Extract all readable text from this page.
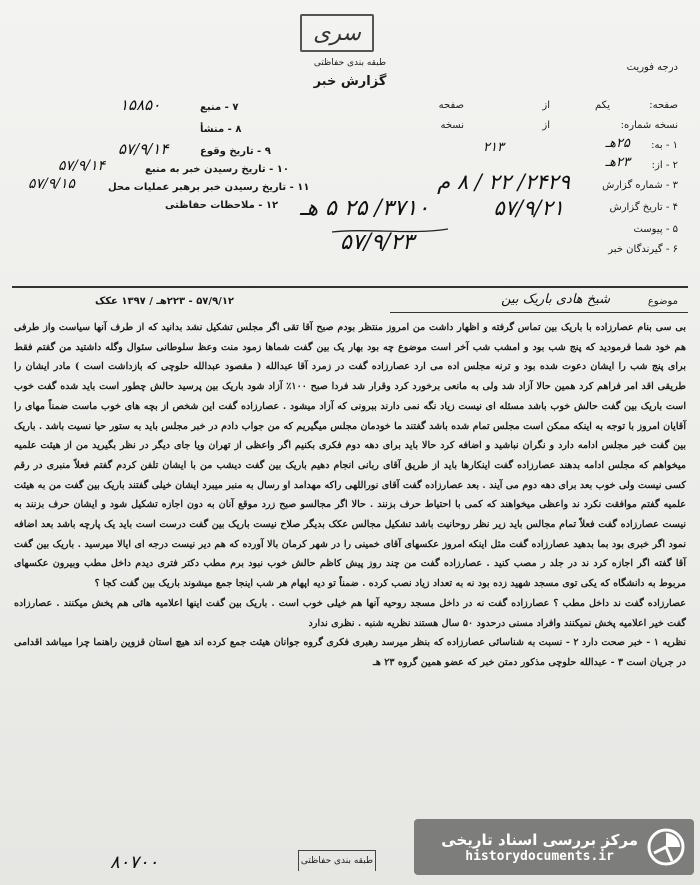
سری
طبقه بندی حفاظتی
گزارش خبر
درجه فوریت
صفحه:
یکم
از
صفحه
نسخه شماره:
از
نسخه
۱ - به:
۲۵هـ
۲۱۳
۲ - از:
۲۳هـ
۳ - شماره گزارش
۲۴۲۹/ ۲۲ / ۸ م
۴ - تاریخ گزارش
۵۷/۹/۲۱
۵ - پیوست
۶ - گیرندگان خبر
۷ - منبع
۱۵۸۵۰
۸ - منشأ
۹ - تاریخ وقوع
۵۷/۹/۱۴
۱۰ - تاریخ رسیدن خبر به منبع
۵۷/۹/۱۴
۱۱ - تاریخ رسیدن خبر برهبر عملیات محل
۵۷/۹/۱۵
۱۲ - ملاحظات حفاظتی ۳۷۱۰/ ۲۵ ۵ هـ
۵۷/۹/۲۳
موضوع
شیخ هادی باریک بین
۵۷/۹/۱۲ - ۲۲۳هـ / ۱۳۹۷ عکک

بی سی بنام عصارزاده با باریک بین تماس گرفته و اظهار داشت من امروز منتظر بودم صبح آقا تقی اگر مجلس تشکیل نشد بدانید که از طرف آنها سیاست واز طرفی هم خود شما فرمودید که پنج شب بود و امشب شب آخر است موضوع چه بود بهار یک بین گفت شماها زمود منت وعظ سلوطانی سئوال وگله داشتید من گفتم فقط برای پنج شب را ایشان دعوت شده بود و ترنه مجلس اده می ارد عصارزاده گفت در زمرد آقا عبدالله ( مقصود عبدالله حلوچی که بازداشت است ) مادر ایشان را طریقی اقد امر فراهم کرد همین حالا آزاد شد ولی به مانعی برخورد کرد وقرار شد فردا صبح ۱۰۰٪ آزاد شود باریک بین پرسید حالش چطور است باید شده گفت خوب است باریک بین گفت حالش خوب باشد مسئله ای نیست زیاد نگه نمی دارند ببرونی که آزاد میشود . عصارزاده گفت این شخص از بچه های خوب ماست ضمناً مهای را آقایان امروز با توجه به اینکه ممکن است مجلس تمام شده باشد گفتند ما خودمان مجلس میگیریم که من جواب دادم در خبر مجلس باید به ستور حیا نسیت باشد . باریک بین گفت خبر مجلس ادامه دارد و نگران نباشید و اضافه کرد حالا باید برای دهه دوم فکری بکنیم اگر واعظی از تهران ویا جای دیگر در نظر بگیرید من از هیئت علمیه میخواهم که مجلس ادامه بدهند عصارزاده گفت اینکارها باید از طریق آقای ربانی انجام دهیم باریک بین گفت دیشب من با ایشان تلفن کردم گفتم فعلاً منبری در رقم کسی نیست ولی خوب بعد برای دهه دوم می آیند . بعد عصارزاده گفت آقای نوراللهی راکه مهدامد او رسال به منبر میبرد ایشان خیلی گفتند باریک بین گفت من به هیئت علمیه گفتم موافقت نکرد ند واعظی میخواهند که کمی با احتیاط حرف بزنند . حالا اگر مجالسو صبح زرد موقع آنان به دون اجازه تشکیل شود و ایشان حرف بزنند به نیست عصارزاده گفت فعلاً تمام مجالس باید زیر نظر روحانیت باشد تشکیل مجالس عکک بدیگر صلاح نیست باریک بین گفت درست است باید یک پارچه باشد بعد اضافه نمود اگر خبری بود بما بدهید عصارزاده گفت مثل اینکه امروز عکسهای آقای خمینی را در شهر کرمان بالا آورده که هم دیر نیست درجه ای ایالا میرسید . باریک بین گفت آقا گفته اگر اجازه کرد ند در جلد ر مصب کنید . عصارزاده گفت من چند روز پیش کاظم حالش خوب نبود برم مطب دکتر فتری دیدم داخل مطب وبیرون عکسهای مربوط به دانشگاه که یکی توی مسجد شهید زده بود نه به تعداد زیاد نصب کرده . ضمناً تو دیه اپهام هر شب اینجا جمع میشوند باریک بین گفت کجا ؟

عصارزاده گفت ند داخل مطب ؟ عصارزاده گفت نه در داخل مسجد روحیه آنها هم خیلی خوب است . باریک بین گفت اینها اعلامیه هائی هم پخش میکنند . عصارزاده گفت خیر اعلامیه پخش نمیکنند وافراد مسنی درحدود ۵۰ سال هستند نظریه شنبه . نظری ندارد

نظریه ۱ - خبر صحت دارد ۲ - نسبت به شناسائی عصارزاده که بنظر میرسد رهبری فکری گروه جوانان هیئت جمع کرده اند هیچ استان قزوین راهنما چرا میباشد اقدامی در جریان است ۳ - عبدالله حلوچی مذکور دمتن خبر که عضو همین گروه ۲۳ هـ

طبقه بندی حفاظتی
۸۰۷۰۰
مرکز بررسی اسناد تاریخی
historydocuments.ir
